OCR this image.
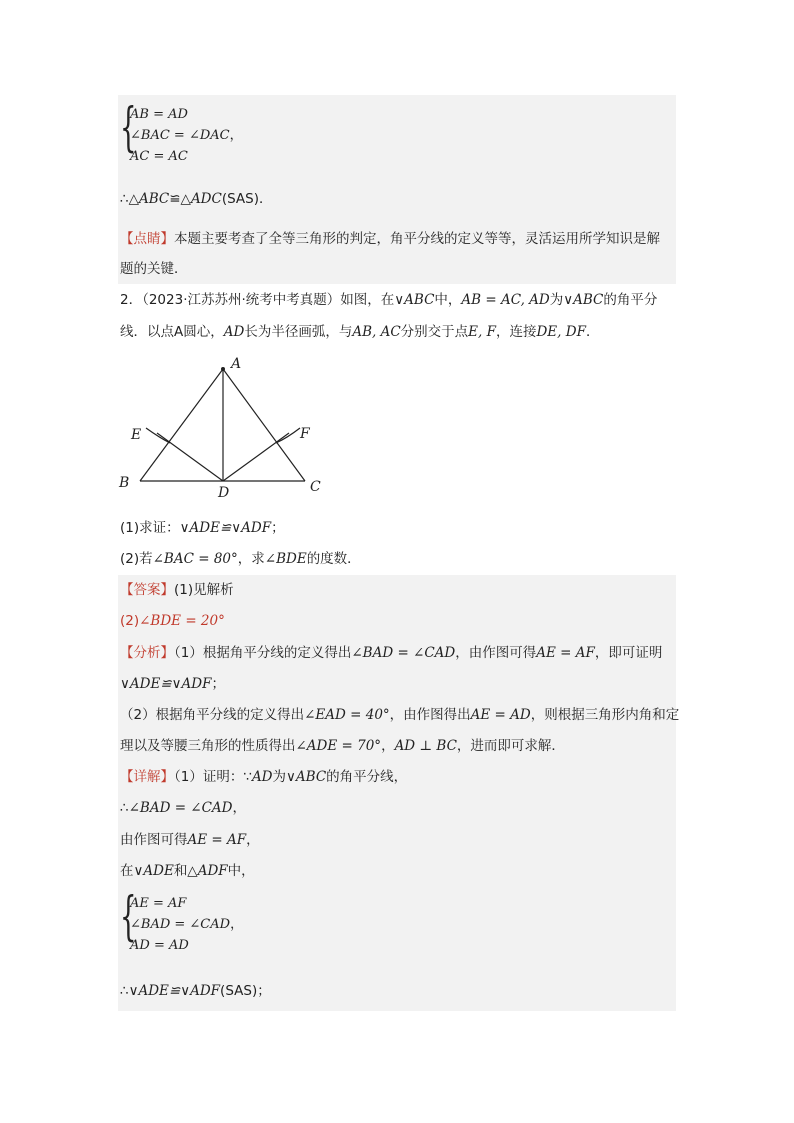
{
AB = AD
∠BAC = ∠DAC，
AC = AC
∴△ABC≌△ADC(SAS)．
【点睛】本题主要考查了全等三角形的判定，角平分线的定义等等，灵活运用所学知识是解
题的关键．
2．（2023·江苏苏州·统考中考真题）如图，在∨ABC中，AB = AC, AD为∨ABC的角平分
线．以点A圆心，AD长为半径画弧，与AB, AC分别交于点E, F，连接DE, DF．
A
B	C
D
E	F
(1)求证：∨ADE≌∨ADF；
(2)若∠BAC = 80°，求∠BDE的度数．
【答案】(1)见解析
(2)∠BDE = 20°
【分析】（1）根据角平分线的定义得出∠BAD = ∠CAD，由作图可得AE = AF，即可证明
∨ADE≌∨ADF；
（2）根据角平分线的定义得出∠EAD = 40°，由作图得出AE = AD，则根据三角形内角和定
理以及等腰三角形的性质得出∠ADE = 70°，AD ⊥ BC，进而即可求解．
【详解】（1）证明：∵AD为∨ABC的角平分线，
∴∠BAD = ∠CAD，
由作图可得AE = AF，
在∨ADE和△ADF中，
{
AE = AF
∠BAD = ∠CAD，
AD = AD
∴∨ADE≌∨ADF(SAS)；
